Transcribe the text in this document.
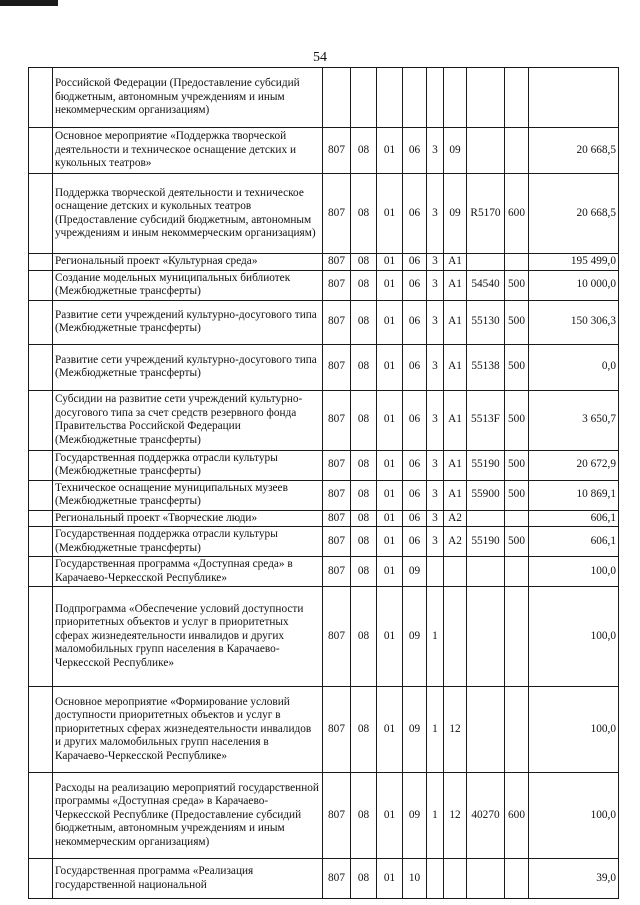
54
	Российской Федерации (Предоставление субсидий бюджетным, автономным учреждениям и иным некоммерческим организациям)									
	Основное мероприятие «Поддержка творческой деятельности и техническое оснащение детских и кукольных театров»	807	08	01	06	3	09			20 668,5
	Поддержка творческой деятельности и техническое оснащение детских и кукольных театров (Предоставление субсидий бюджетным, автономным учреждениям и иным некоммерческим организациям)	807	08	01	06	3	09	R5170	600	20 668,5
	Региональный проект «Культурная среда»	807	08	01	06	3	A1			195 499,0
	Создание модельных муниципальных библиотек (Межбюджетные трансферты)	807	08	01	06	3	A1	54540	500	10 000,0
	Развитие сети учреждений культурно-досугового типа (Межбюджетные трансферты)	807	08	01	06	3	A1	55130	500	150 306,3
	Развитие сети учреждений культурно-досугового типа (Межбюджетные трансферты)	807	08	01	06	3	A1	55138	500	0,0
	Субсидии на развитие сети учреждений культурно-досугового типа за счет средств резервного фонда Правительства Российской Федерации (Межбюджетные трансферты)	807	08	01	06	3	A1	5513F	500	3 650,7
	Государственная поддержка отрасли культуры (Межбюджетные трансферты)	807	08	01	06	3	A1	55190	500	20 672,9
	Техническое оснащение муниципальных музеев (Межбюджетные трансферты)	807	08	01	06	3	A1	55900	500	10 869,1
	Региональный проект «Творческие люди»	807	08	01	06	3	A2			606,1
	Государственная поддержка отрасли культуры (Межбюджетные трансферты)	807	08	01	06	3	A2	55190	500	606,1
	Государственная программа «Доступная среда» в Карачаево-Черкесской Республике»	807	08	01	09					100,0
	Подпрограмма «Обеспечение условий доступности приоритетных объектов и услуг в приоритетных сферах жизнедеятельности инвалидов и других маломобильных групп населения в Карачаево-Черкесской Республике»	807	08	01	09	1				100,0
	Основное мероприятие «Формирование условий доступности приоритетных объектов и услуг в приоритетных сферах жизнедеятельности инвалидов и других маломобильных групп населения в Карачаево-Черкесской Республике»	807	08	01	09	1	12			100,0
	Расходы на реализацию мероприятий государственной программы «Доступная среда» в Карачаево-Черкесской Республике (Предоставление субсидий бюджетным, автономным учреждениям и иным некоммерческим организациям)	807	08	01	09	1	12	40270	600	100,0
	Государственная программа «Реализация государственной национальной	807	08	01	10					39,0
